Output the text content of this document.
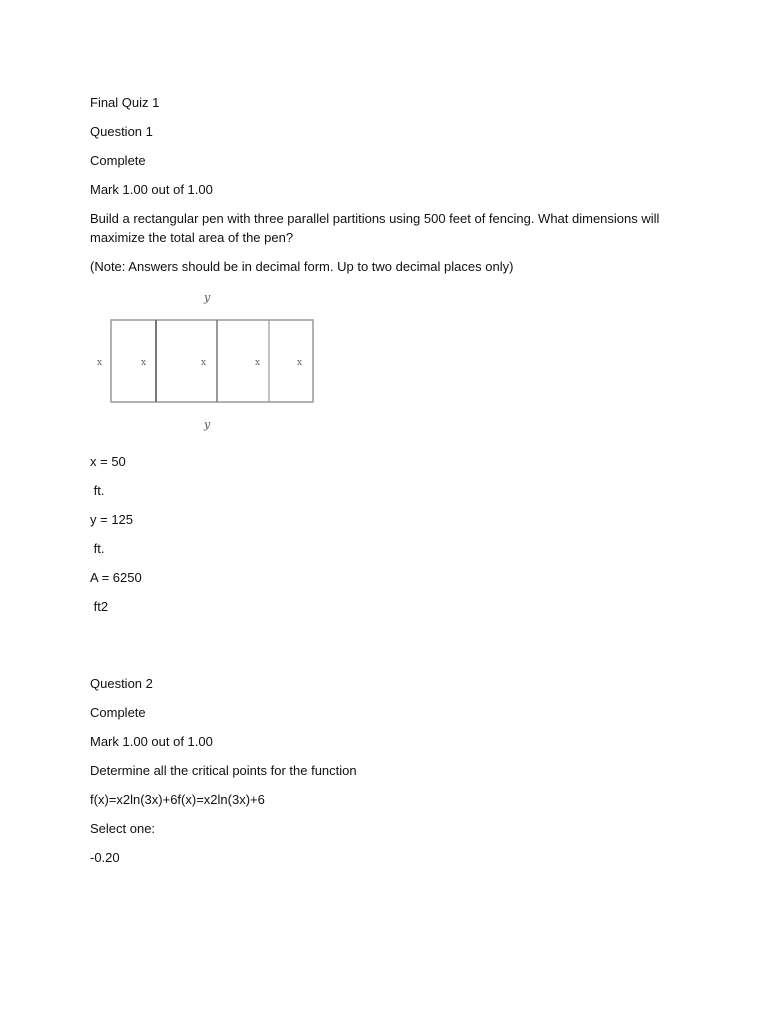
Final Quiz 1
Question 1
Complete
Mark 1.00 out of 1.00
Build a rectangular pen with three parallel partitions using 500 feet of fencing. What dimensions will maximize the total area of the pen?
(Note: Answers should be in decimal form. Up to two decimal places only)
y
x	x	x	x	x
y
x = 50
ft.
y = 125
ft.
A = 6250
ft2
Question 2
Complete
Mark 1.00 out of 1.00
Determine all the critical points for the function
f(x)=x2ln(3x)+6f(x)=x2ln(3x)+6
Select one:
-0.20
